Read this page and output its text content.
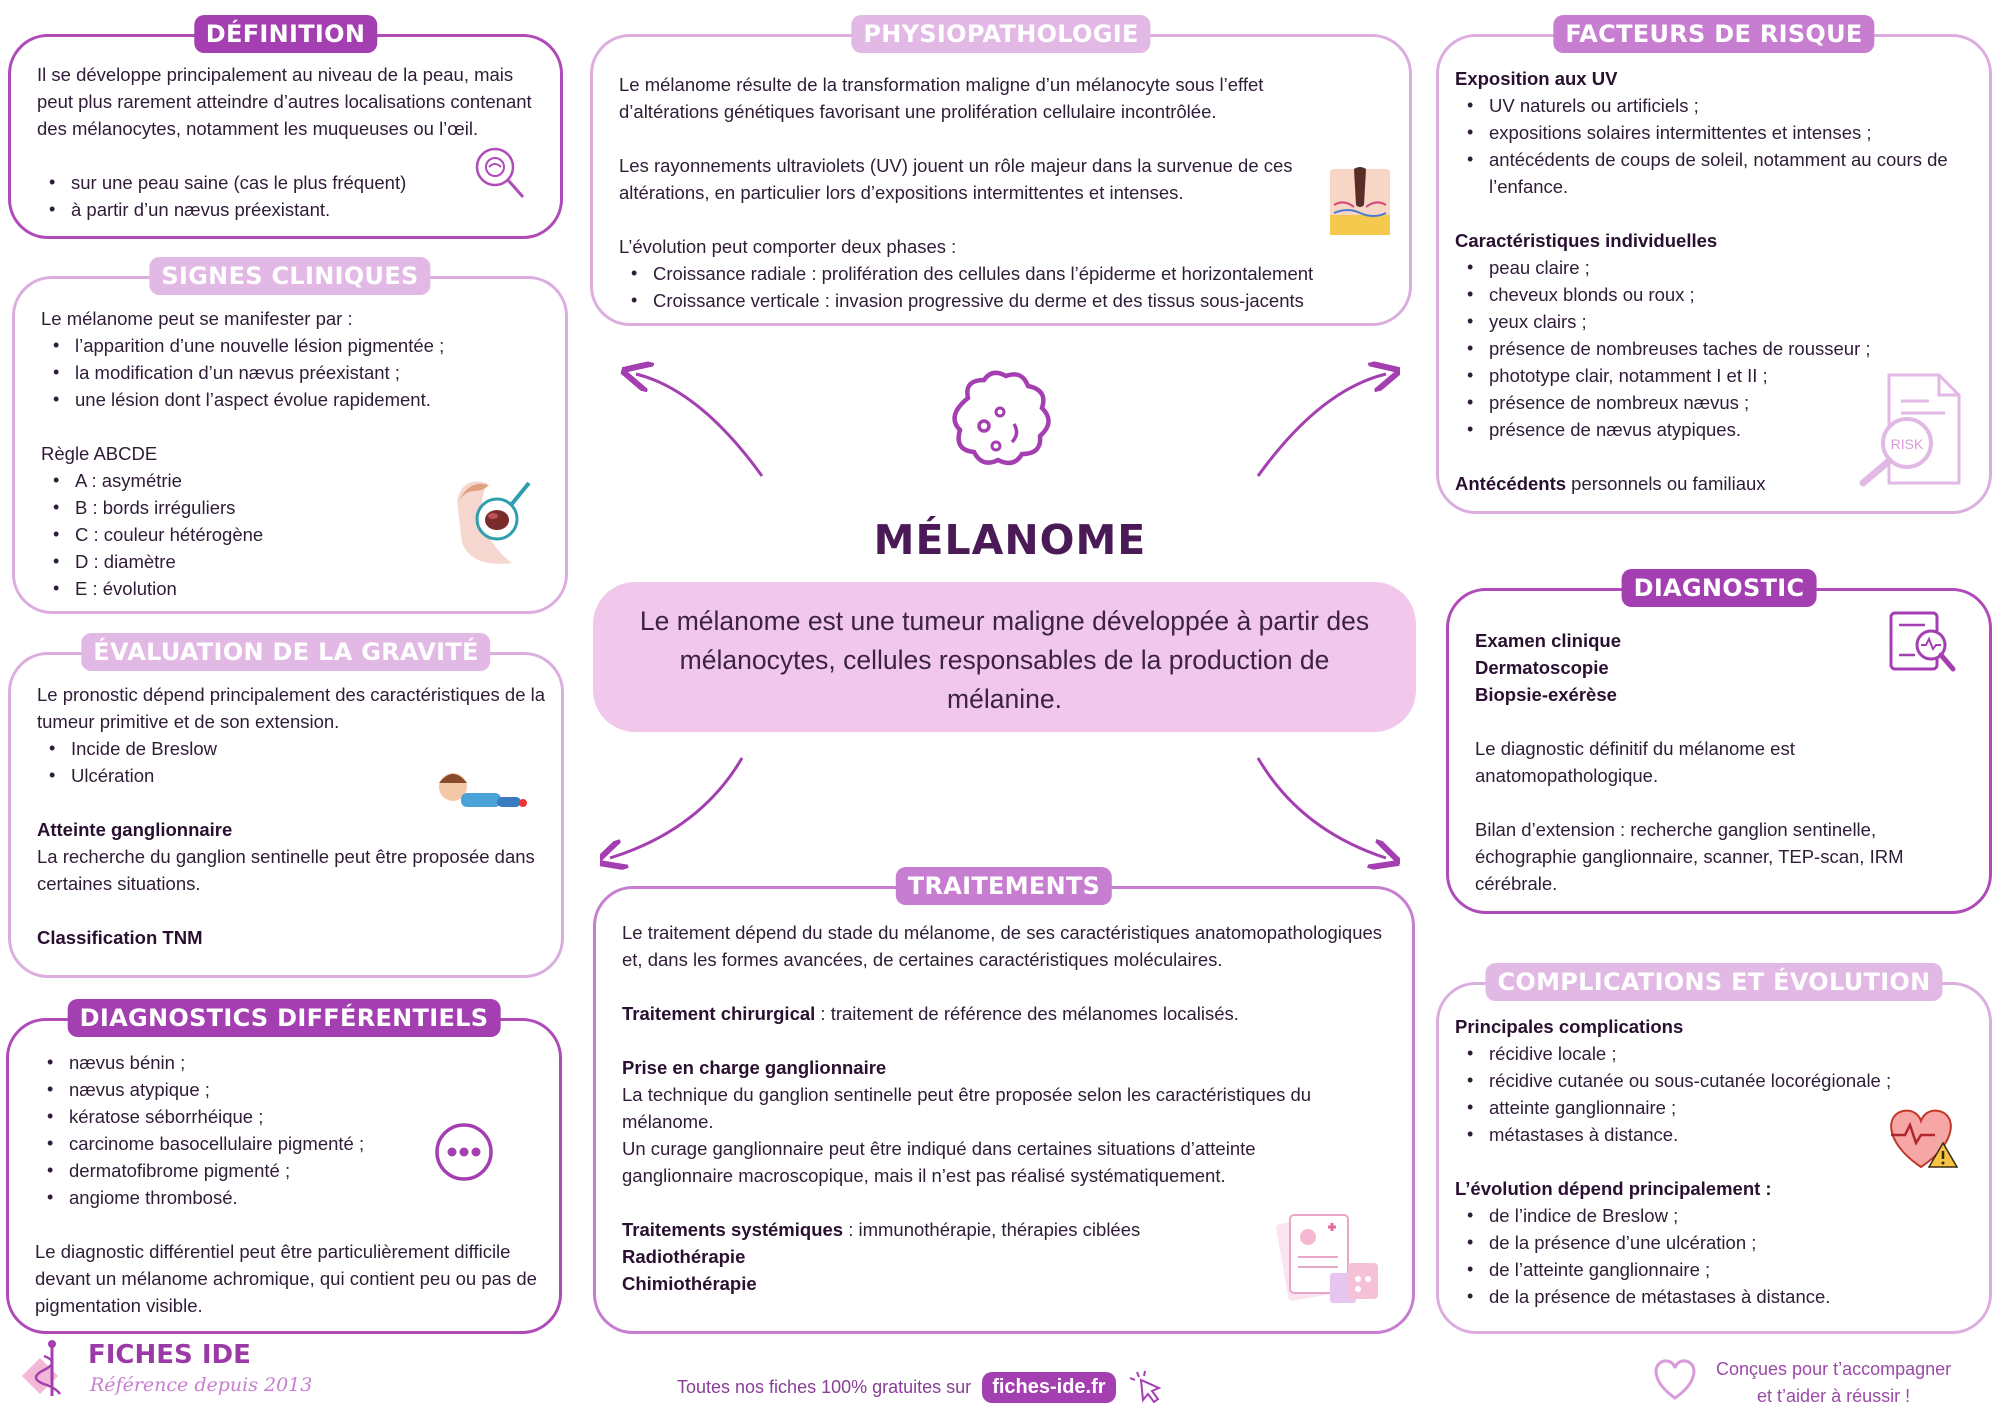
DÉFINITION

Il se développe principalement au niveau de la peau, mais peut plus rarement atteindre d’autres localisations contenant des mélanocytes, notamment les muqueuses ou l’œil.

• sur une peau saine (cas le plus fréquent)
• à partir d’un nævus préexistant.
SIGNES CLINIQUES

Le mélanome peut se manifester par :

• l’apparition d’une nouvelle lésion pigmentée ;
• la modification d’un nævus préexistant ;
• une lésion dont l’aspect évolue rapidement.

Règle ABCDE

• A : asymétrie
• B : bords irréguliers
• C : couleur hétérogène
• D : diamètre
• E : évolution
ÉVALUATION DE LA GRAVITÉ

Le pronostic dépend principalement des caractéristiques de la tumeur primitive et de son extension.

• Incide de Breslow
• Ulcération

Atteinte ganglionnaire

La recherche du ganglion sentinelle peut être proposée dans certaines situations.

Classification TNM

DIAGNOSTICS DIFFÉRENTIELS
• nævus bénin ;
• nævus atypique ;
• kératose séborrhéique ;
• carcinome basocellulaire pigmenté ;
• dermatofibrome pigmenté ;
• angiome thrombosé.

Le diagnostic différentiel peut être particulièrement difficile devant un mélanome achromique, qui contient peu ou pas de pigmentation visible.

PHYSIOPATHOLOGIE

Le mélanome résulte de la transformation maligne d’un mélanocyte sous l’effet d’altérations génétiques favorisant une prolifération cellulaire incontrôlée.

Les rayonnements ultraviolets (UV) jouent un rôle majeur dans la survenue de ces altérations, en particulier lors d’expositions intermittentes et intenses.

L’évolution peut comporter deux phases :

• Croissance radiale : prolifération des cellules dans l’épiderme et horizontalement
• Croissance verticale : invasion progressive du derme et des tissus sous-jacents
MÉLANOME
Le mélanome est une tumeur maligne développée à partir des mélanocytes, cellules responsables de la production de mélanine.
TRAITEMENTS

Le traitement dépend du stade du mélanome, de ses caractéristiques anatomopathologiques et, dans les formes avancées, de certaines caractéristiques moléculaires.

Traitement chirurgical : traitement de référence des mélanomes localisés.

Prise en charge ganglionnaire

La technique du ganglion sentinelle peut être proposée selon les caractéristiques du mélanome.

Un curage ganglionnaire peut être indiqué dans certaines situations d’atteinte ganglionnaire macroscopique, mais il n’est pas réalisé systématiquement.

Traitements systémiques : immunothérapie, thérapies ciblées

Radiothérapie

Chimiothérapie

FACTEURS DE RISQUE

Exposition aux UV

• UV naturels ou artificiels ;
• expositions solaires intermittentes et intenses ;
• antécédents de coups de soleil, notamment au cours de l’enfance.

Caractéristiques individuelles

• peau claire ;
• cheveux blonds ou roux ;
• yeux clairs ;
• présence de nombreuses taches de rousseur ;
• phototype clair, notamment I et II ;
• présence de nombreux nævus ;
• présence de nævus atypiques.

Antécédents personnels ou familiaux

RISK
DIAGNOSTIC

Examen clinique

Dermatoscopie

Biopsie-exérèse

Le diagnostic définitif du mélanome est anatomopathologique.

Bilan d’extension : recherche ganglion sentinelle, échographie ganglionnaire, scanner, TEP-scan, IRM cérébrale.

COMPLICATIONS ET ÉVOLUTION

Principales complications

• récidive locale ;
• récidive cutanée ou sous-cutanée locorégionale ;
• atteinte ganglionnaire ;
• métastases à distance.

L’évolution dépend principalement :

• de l’indice de Breslow ;
• de la présence d’une ulcération ;
• de l’atteinte ganglionnaire ;
• de la présence de métastases à distance.
FICHES IDE
Référence depuis 2013	Toutes nos fiches 100% gratuites sur fiches-ide.fr
Conçues pour t’accompagner
et t’aider à réussir !
